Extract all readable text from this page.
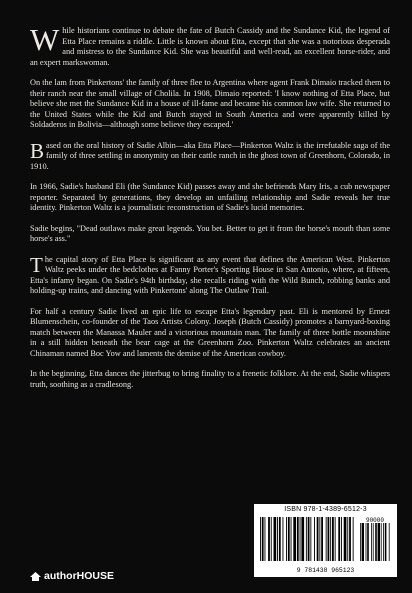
While historians continue to debate the fate of Butch Cassidy and the Sundance Kid, the legend of Etta Place remains a riddle. Little is known about Etta, except that she was a notorious desperada and mistress to the Sundance Kid. She was beautiful and well-read, an excellent horse-rider, and an expert markswoman.

On the lam from Pinkertons' the family of three flee to Argentina where agent Frank Dimaio tracked them to their ranch near the small village of Cholila. In 1908, Dimaio reported: 'I know nothing of Etta Place, but believe she met the Sundance Kid in a house of ill-fame and became his common law wife. She returned to the United States while the Kid and Butch stayed in South America and were apparently killed by Soldaderos in Bolivia—although some believe they escaped.'

Based on the oral history of Sadie Albin—aka Etta Place—Pinkerton Waltz is the irrefutable saga of the family of three settling in anonymity on their cattle ranch in the ghost town of Greenhorn, Colorado, in 1910.

In 1966, Sadie's husband Eli (the Sundance Kid) passes away and she befriends Mary Iris, a cub newspaper reporter. Separated by generations, they develop an unfailing relationship and Sadie reveals her true identity. Pinkerton Waltz is a journalistic reconstruction of Sadie's lucid memories.

Sadie begins, "Dead outlaws make great legends. You bet. Better to get it from the horse's mouth than some horse's ass."

The capital story of Etta Place is significant as any event that defines the American West. Pinkerton Waltz peeks under the bedclothes at Fanny Porter's Sporting House in San Antonio, where, at fifteen, Etta's infamy began. On Sadie's 94th birthday, she recalls riding with the Wild Bunch, robbing banks and holding-up trains, and dancing with Pinkertons' along The Outlaw Trail.

For half a century Sadie lived an epic life to escape Etta's legendary past. Eli is mentored by Ernest Blumenschein, co-founder of the Taos Artists Colony. Joseph (Butch Cassidy) promotes a barnyard-boxing match between the Manassa Mauler and a victorious mountain man. The family of three bottle moonshine in a still hidden beneath the bear cage at the Greenhorn Zoo. Pinkerton Waltz celebrates an ancient Chinaman named Boc Yow and laments the demise of the American cowboy.

In the beginning, Etta dances the jitterbug to bring finality to a frenetic folklore. At the end, Sadie whispers truth, soothing as a cradlesong.

ISBN 978-1-4389-6512-3
90000
9 781438 965123
authorHOUSE
